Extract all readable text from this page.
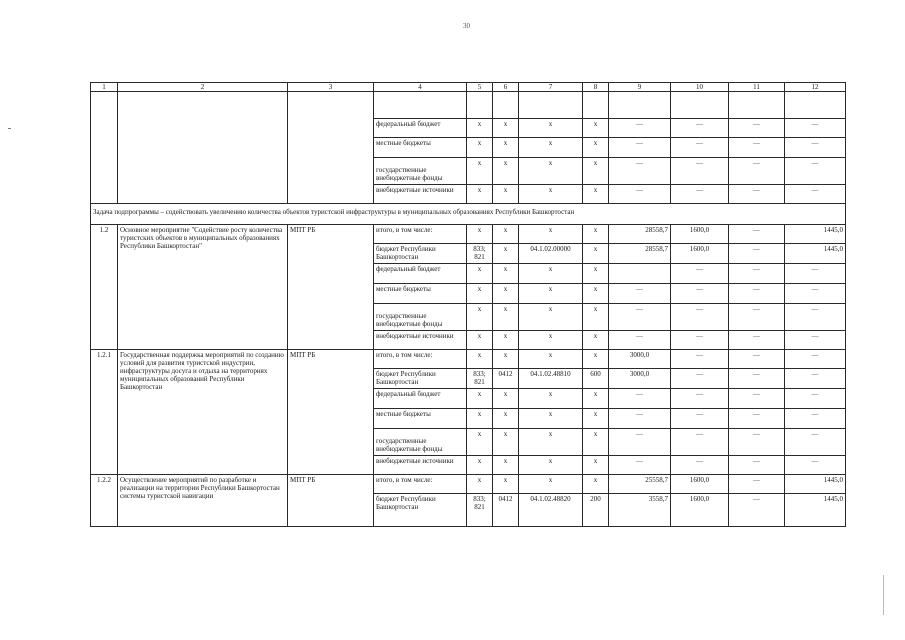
30
1	2	3	4	5	6	7	8	9	10	11	12

			федеральный бюджет	x	x	x	x	—	—	—	—
			местные бюджеты	x	x	x	x	—	—	—	—
			государственные внебюджетные фонды	x	x	x	x	—	—	—	—
			внебюджетные источники	x	x	x	x	—	—	—	—
Задача подпрограммы – содействовать увеличению количества объектов туристской инфраструктуры в муниципальных образованиях Республики Башкортостан											
1.2	Основное мероприятие "Содействие росту количества туристских объектов в муниципальных образованиях Республики Башкортостан"	МПТ РБ	итого, в том числе:	x	x	x	x	28558,7	1600,0	—	1445,0
			бюджет Республики Башкортостан	833; 821	x	04.1.02.00000	x	28558,7	1600,0	—	1445,0
			федеральный бюджет	x	x	x	x		—	—	—
			местные бюджеты	x	x	x	x	—	—	—	—
			государственные внебюджетные фонды	x	x	x	x	—	—	—	—
			внебюджетные источники	x	x	x	x	—	—	—	—
1.2.1	Государственная поддержка мероприятий по созданию условий для развития туристской индустрии, инфраструктуры досуга и отдыха на территориях муниципальных образований Республики Башкортостан	МПТ РБ	итого, в том числе:	x	x	x	x	3000,0	—	—	—
			бюджет Республики Башкортостан	833; 821	0412	04.1.02.48810	600	3000,0	—	—	—
			федеральный бюджет	x	x	x	x	—	—	—	—
			местные бюджеты	x	x	x	x	—	—	—	—
			государственные внебюджетные фонды	x	x	x	x	—	—	—	—
			внебюджетные источники	x	x	x	x	—	—	—	—
1.2.2	Осуществление мероприятий по разработке и реализации на территории Республики Башкортостан системы туристской навигации	МПТ РБ	итого, в том числе:	x	x	x	x	25558,7	1600,0	—	1445,0
			бюджет Республики Башкортостан	833; 821	0412	04.1.02.48820	200	3558,7	1600,0	—	1445,0
